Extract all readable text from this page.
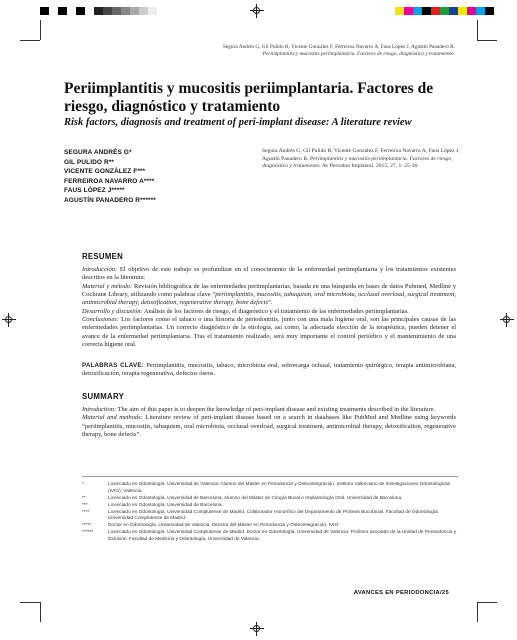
Segura Andrés G, Gil Pulido R, Vicente González F, Ferreiroa Navarro A, Faus López J, Agustín Panadero R.
Periimplantitis y mucositis periimplantaria. Factores de riesgo, diagnóstico y tratamiento.
Periimplantitis y mucositis periimplantaria. Factores de riesgo, diagnóstico y tratamiento
Risk factors, diagnosis and treatment of peri-implant disease: A literature review
SEGURA ANDRÉS G*
GIL PULIDO R**
VICENTE GONZÁLEZ F***
FERREIROA NAVARRO A****
FAUS LÓPEZ J*****
AGUSTÍN PANADERO R******
Segura Andrés G, Gil Pulido R, Vicente González F, Ferreiroa Navarro A, Faus López J, Agustín Panadero R. Periimplantitis y mucositis periimplantaria. Factores de riesgo, diagnóstico y tratamiento. Av Periodon Implantol. 2015; 27, 1: 25-36.
RESUMEN

Introducción: El objetivo de este trabajo es profundizar en el conocimiento de la enfermedad periimplantaria y los tratamientos existentes descritos en la literatura.

Material y método: Revisión bibliográfica de las enfermedades periimplantarias, basada en una búsqueda en bases de datos Pubmed, Medline y Cochrane Library, utilizando como palabras clave “periimplantitis, mucositis, tabaquism, oral microbiota, occlusal overload, surgical treatment, antimicrobial therapy, detoxification, regenerative therapy, bone defects”.

Desarrollo y discusión: Análisis de los factores de riesgo, el diagnóstico y el tratamiento de las enfermedades periimplantarias.

Conclusiones: Los factores como el tabaco o una historia de periodontitis, junto con una mala higiene oral, son las principales causas de las enfermedades periimplantarias. Un correcto diagnóstico de la etiología, así como, la adecuada elección de la terapéutica, pueden detener el avance de la enfermedad periimplantaria. Tras el tratamiento realizado, será muy importante el control periódico y el mantenimiento de una correcta higiene oral.

PALABRAS CLAVE: Periimplantitis, mucositis, tabaco, microbiota oral, sobrecarga oclusal, tratamiento quirúrgico, terapia antimicrobiana, detoxificación, terapia regenerativa, defectos óseos.

SUMMARY

Introduction: The aim of this paper is to deepen the knowledge of peri-implant disease and existing treatments described in the literature.

Material and methods: Literature review of peri-implant disease based on a search in databases like PubMed and Medline using keywords “periimplantitis, mucositis, tabaquism, oral microbiota, occlusal overload, surgical treatment, antimicrobial therapy, detoxification, regenerative therapy, bone defects”.

*	Licenciado en Odontología. Universidad de Valencia. Alumno del Máster en Periodoncia y Osteointegración, Instituto Valenciano de Investigaciones Odontológicas (IVIO), Valencia.
**	Licenciado en Odontología. Universidad de Barcelona. Alumno del Máster de Cirugía Bucal e Implantología Oral. Universidad de Barcelona.
***	Licenciado en Odontología. Universidad de Barcelona.
****	Licenciado en Odontología. Universidad Complutense de Madrid. Colaborador Honorífico del Departamento de Prótesis Bucofacial. Facultad de Odontología. Universidad Complutense de Madrid.
*****	Doctor en Odontología. Universidad de Valencia. Director del Máster en Periodoncia y Osteointegración, IVIO.
******	Licenciado en Odontología. Universidad Complutense de Madrid. Doctor en Odontología. Universidad de Valencia. Profesor asociado de la Unidad de Prostodoncia y Oclusión. Facultad de Medicina y Odontología. Universidad de Valencia.
AVANCES EN PERIODONCIA/25
